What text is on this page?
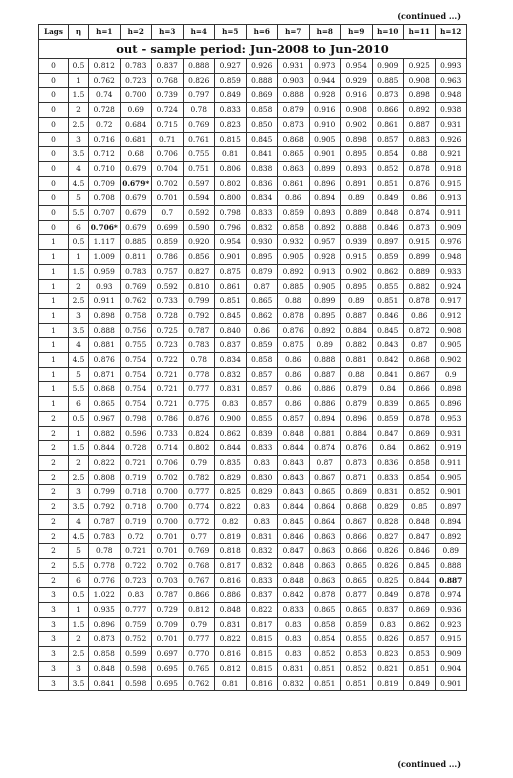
(continued ...)
Lags	η	h=1	h=2	h=3	h=4	h=5	h=6	h=7	h=8	h=9	h=10	h=11	h=12
out - sample period: Jun-2008 to Jun-2010													
0	0.5	0.812	0.783	0.837	0.888	0.927	0.926	0.931	0.973	0.954	0.909	0.925	0.993
0	1	0.762	0.723	0.768	0.826	0.859	0.888	0.903	0.944	0.929	0.885	0.908	0.963
0	1.5	0.74	0.700	0.739	0.797	0.849	0.869	0.888	0.928	0.916	0.873	0.898	0.948
0	2	0.728	0.69	0.724	0.78	0.833	0.858	0.879	0.916	0.908	0.866	0.892	0.938
0	2.5	0.72	0.684	0.715	0.769	0.823	0.850	0.873	0.910	0.902	0.861	0.887	0.931
0	3	0.716	0.681	0.71	0.761	0.815	0.845	0.868	0.905	0.898	0.857	0.883	0.926
0	3.5	0.712	0.68	0.706	0.755	0.81	0.841	0.865	0.901	0.895	0.854	0.88	0.921
0	4	0.710	0.679	0.704	0.751	0.806	0.838	0.863	0.899	0.893	0.852	0.878	0.918
0	4.5	0.709	0.679*	0.702	0.597	0.802	0.836	0.861	0.896	0.891	0.851	0.876	0.915
0	5	0.708	0.679	0.701	0.594	0.800	0.834	0.86	0.894	0.89	0.849	0.86	0.913
0	5.5	0.707	0.679	0.7	0.592	0.798	0.833	0.859	0.893	0.889	0.848	0.874	0.911
0	6	0.706*	0.679	0.699	0.590	0.796	0.832	0.858	0.892	0.888	0.846	0.873	0.909
1	0.5	1.117	0.885	0.859	0.920	0.954	0.930	0.932	0.957	0.939	0.897	0.915	0.976
1	1	1.009	0.811	0.786	0.856	0.901	0.895	0.905	0.928	0.915	0.859	0.899	0.948
1	1.5	0.959	0.783	0.757	0.827	0.875	0.879	0.892	0.913	0.902	0.862	0.889	0.933
1	2	0.93	0.769	0.592	0.810	0.861	0.87	0.885	0.905	0.895	0.855	0.882	0.924
1	2.5	0.911	0.762	0.733	0.799	0.851	0.865	0.88	0.899	0.89	0.851	0.878	0.917
1	3	0.898	0.758	0.728	0.792	0.845	0.862	0.878	0.895	0.887	0.846	0.86	0.912
1	3.5	0.888	0.756	0.725	0.787	0.840	0.86	0.876	0.892	0.884	0.845	0.872	0.908
1	4	0.881	0.755	0.723	0.783	0.837	0.859	0.875	0.89	0.882	0.843	0.87	0.905
1	4.5	0.876	0.754	0.722	0.78	0.834	0.858	0.86	0.888	0.881	0.842	0.868	0.902
1	5	0.871	0.754	0.721	0.778	0.832	0.857	0.86	0.887	0.88	0.841	0.867	0.9
1	5.5	0.868	0.754	0.721	0.777	0.831	0.857	0.86	0.886	0.879	0.84	0.866	0.898
1	6	0.865	0.754	0.721	0.775	0.83	0.857	0.86	0.886	0.879	0.839	0.865	0.896
2	0.5	0.967	0.798	0.786	0.876	0.900	0.855	0.857	0.894	0.896	0.859	0.878	0.953
2	1	0.882	0.596	0.733	0.824	0.862	0.839	0.848	0.881	0.884	0.847	0.869	0.931
2	1.5	0.844	0.728	0.714	0.802	0.844	0.833	0.844	0.874	0.876	0.84	0.862	0.919
2	2	0.822	0.721	0.706	0.79	0.835	0.83	0.843	0.87	0.873	0.836	0.858	0.911
2	2.5	0.808	0.719	0.702	0.782	0.829	0.830	0.843	0.867	0.871	0.833	0.854	0.905
2	3	0.799	0.718	0.700	0.777	0.825	0.829	0.843	0.865	0.869	0.831	0.852	0.901
2	3.5	0.792	0.718	0.700	0.774	0.822	0.83	0.844	0.864	0.868	0.829	0.85	0.897
2	4	0.787	0.719	0.700	0.772	0.82	0.83	0.845	0.864	0.867	0.828	0.848	0.894
2	4.5	0.783	0.72	0.701	0.77	0.819	0.831	0.846	0.863	0.866	0.827	0.847	0.892
2	5	0.78	0.721	0.701	0.769	0.818	0.832	0.847	0.863	0.866	0.826	0.846	0.89
2	5.5	0.778	0.722	0.702	0.768	0.817	0.832	0.848	0.863	0.865	0.826	0.845	0.888
2	6	0.776	0.723	0.703	0.767	0.816	0.833	0.848	0.863	0.865	0.825	0.844	0.887
3	0.5	1.022	0.83	0.787	0.866	0.886	0.837	0.842	0.878	0.877	0.849	0.878	0.974
3	1	0.935	0.777	0.729	0.812	0.848	0.822	0.833	0.865	0.865	0.837	0.869	0.936
3	1.5	0.896	0.759	0.709	0.79	0.831	0.817	0.83	0.858	0.859	0.83	0.862	0.923
3	2	0.873	0.752	0.701	0.777	0.822	0.815	0.83	0.854	0.855	0.826	0.857	0.915
3	2.5	0.858	0.599	0.697	0.770	0.816	0.815	0.83	0.852	0.853	0.823	0.853	0.909
3	3	0.848	0.598	0.695	0.765	0.812	0.815	0.831	0.851	0.852	0.821	0.851	0.904
3	3.5	0.841	0.598	0.695	0.762	0.81	0.816	0.832	0.851	0.851	0.819	0.849	0.901
(continued ...)
